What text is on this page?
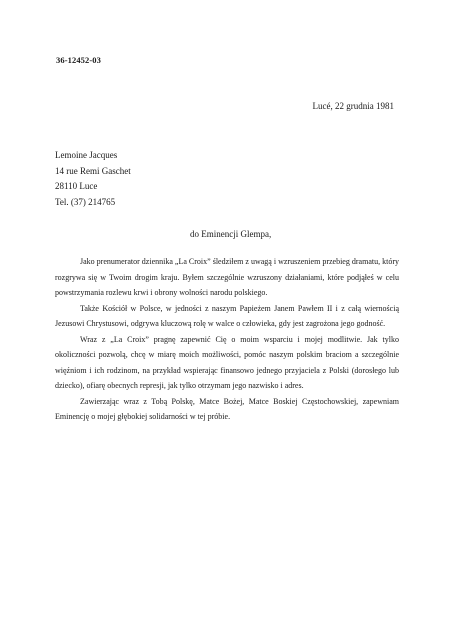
36-12452-03
Lucé, 22 grudnia 1981
Lemoine Jacques
14 rue Remi Gaschet
28110 Luce
Tel. (37) 214765
do Eminencji Glempa,

Jako prenumerator dziennika „La Croix” śledziłem z uwagą i wzruszeniem przebieg dramatu, który rozgrywa się w Twoim drogim kraju. Byłem szczególnie wzruszony działaniami, które podjąłeś w celu powstrzymania rozlewu krwi i obrony wolności narodu polskiego.

Także Kościół w Polsce, w jedności z naszym Papieżem Janem Pawłem II i z całą wiernością Jezusowi Chrystusowi, odgrywa kluczową rolę w walce o człowieka, gdy jest zagrożona jego godność.

Wraz z „La Croix” pragnę zapewnić Cię o moim wsparciu i mojej modlitwie. Jak tylko okoliczności pozwolą, chcę w miarę moich możliwości, pomóc naszym polskim braciom a szczególnie więźniom i ich rodzinom, na przykład wspierając finansowo jednego przyjaciela z Polski (dorosłego lub dziecko), ofiarę obecnych represji, jak tylko otrzymam jego nazwisko i adres.

Zawierzając wraz z Tobą Polskę, Matce Bożej, Matce Boskiej Częstochowskiej, zapewniam Eminencję o mojej głębokiej solidarności w tej próbie.
